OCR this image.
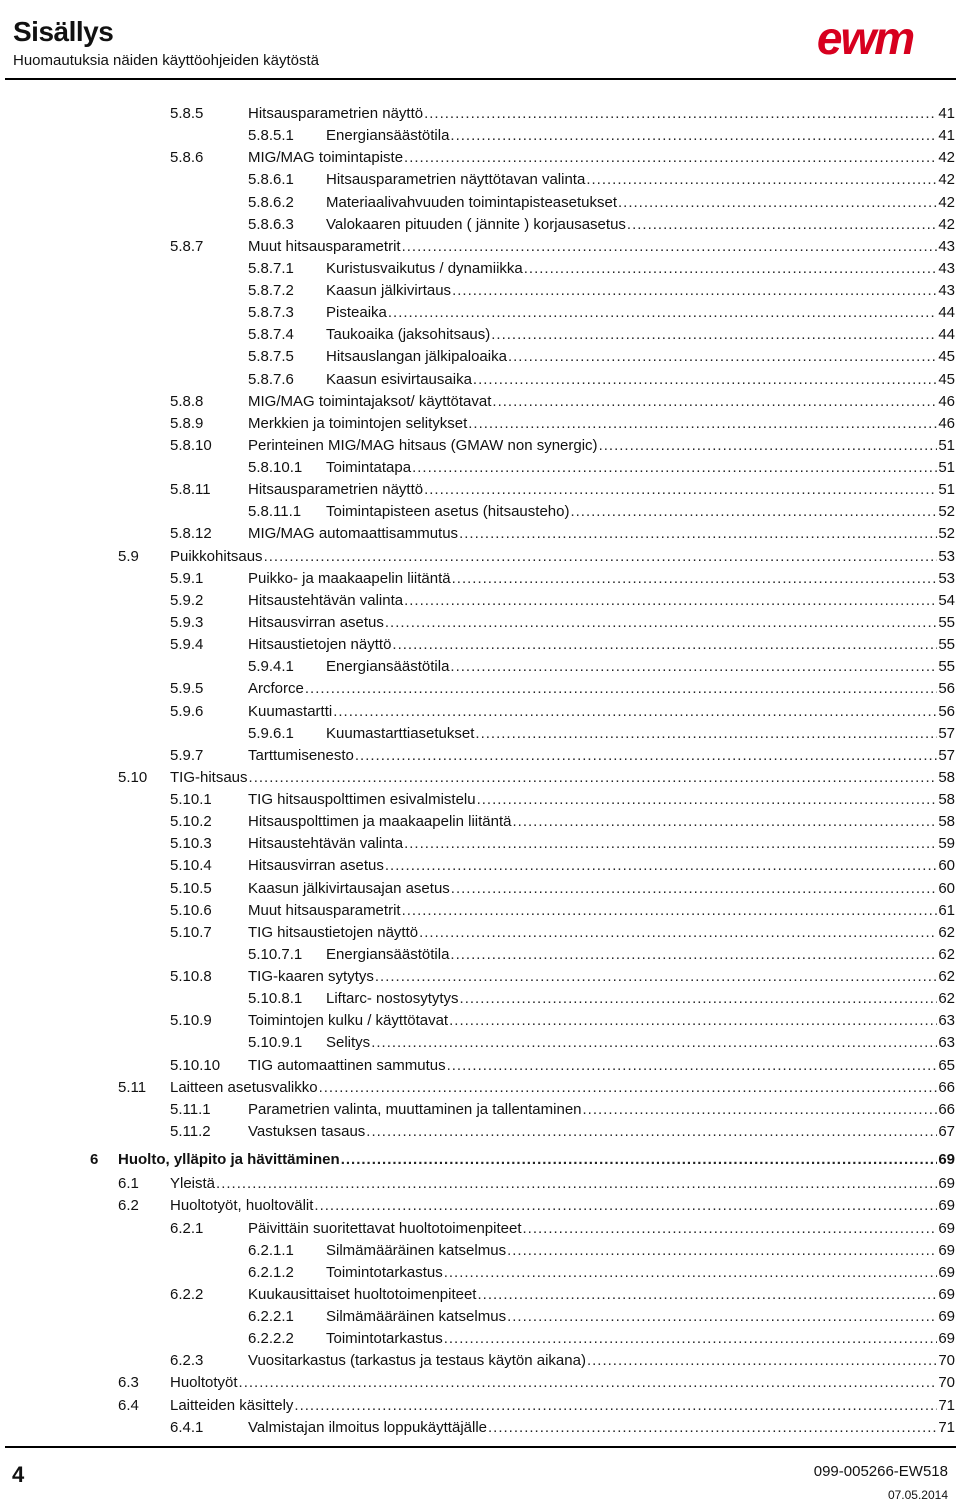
Sisällys
Huomautuksia näiden käyttöohjeiden käytöstä	ewm
5.8.5	Hitsausparametrien näyttö .....	41
5.8.5.1 Energiansäästötila .....	41
5.8.6	MIG/MAG toimintapiste .....	42
5.8.6.1 Hitsausparametrien näyttötavan valinta .....	42
5.8.6.2 Materiaalivahvuuden toimintapisteasetukset .....	42
5.8.6.3 Valokaaren pituuden ( jännite ) korjausasetus .....	42
5.8.7	Muut hitsausparametrit .....	43
5.8.7.1 Kuristusvaikutus / dynamiikka .....	43
5.8.7.2 Kaasun jälkivirtaus .....	43
5.8.7.3 Pisteaika .....	44
5.8.7.4 Taukoaika (jaksohitsaus) .....	44
5.8.7.5 Hitsauslangan jälkipaloaika .....	45
5.8.7.6 Kaasun esivirtausaika .....	45
5.8.8	MIG/MAG toimintajaksot/ käyttötavat .....	46
5.8.9	Merkkien ja toimintojen selitykset .....	46
5.8.10 Perinteinen MIG/MAG hitsaus (GMAW non synergic) .....	51
5.8.10.1 Toimintatapa .....	51
5.8.11 Hitsausparametrien näyttö .....	51
5.8.11.1 Toimintapisteen asetus (hitsausteho) .....	52
5.8.12 MIG/MAG automaattisammutus .....	52
5.9 Puikkohitsaus .....	53
5.9.1	Puikko- ja maakaapelin liitäntä .....	53
5.9.2	Hitsaustehtävän valinta .....	54
5.9.3	Hitsausvirran asetus .....	55
5.9.4	Hitsaustietojen näyttö .....	55
5.9.4.1 Energiansäästötila .....	55
5.9.5	Arcforce .....	56
5.9.6	Kuumastartti .....	56
5.9.6.1 Kuumastarttiasetukset .....	57
5.9.7	Tarttumisenesto .....	57
5.10 TIG-hitsaus .....	58
5.10.1 TIG hitsauspolttimen esivalmistelu .....	58
5.10.2 Hitsauspolttimen ja maakaapelin liitäntä .....	58
5.10.3 Hitsaustehtävän valinta .....	59
5.10.4 Hitsausvirran asetus .....	60
5.10.5 Kaasun jälkivirtausajan asetus .....	60
5.10.6 Muut hitsausparametrit .....	61
5.10.7 TIG hitsaustietojen näyttö .....	62
5.10.7.1 Energiansäästötila .....	62
5.10.8 TIG-kaaren sytytys .....	62
5.10.8.1 Liftarc- nostosytytys .....	62
5.10.9 Toimintojen kulku / käyttötavat .....	63
5.10.9.1 Selitys .....	63
5.10.10 TIG automaattinen sammutus .....	65
5.11 Laitteen asetusvalikko .....	66
5.11.1 Parametrien valinta, muuttaminen ja tallentaminen .....	66
5.11.2 Vastuksen tasaus .....	67
6 Huolto, ylläpito ja hävittäminen .....	69
6.1 Yleistä .....	69
6.2 Huoltotyöt, huoltovälit .....	69
6.2.1	Päivittäin suoritettavat huoltotoimenpiteet .....	69
6.2.1.1 Silmämääräinen katselmus .....	69
6.2.1.2 Toimintotarkastus .....	69
6.2.2	Kuukausittaiset huoltotoimenpiteet .....	69
6.2.2.1 Silmämääräinen katselmus .....	69
6.2.2.2 Toimintotarkastus .....	69
6.2.3	Vuositarkastus (tarkastus ja testaus käytön aikana) .....	70
6.3 Huoltotyöt .....	70
6.4 Laitteiden käsittely .....	71
6.4.1	Valmistajan ilmoitus loppukäyttäjälle .....	71
4	099-005266-EW518
07.05.2014
